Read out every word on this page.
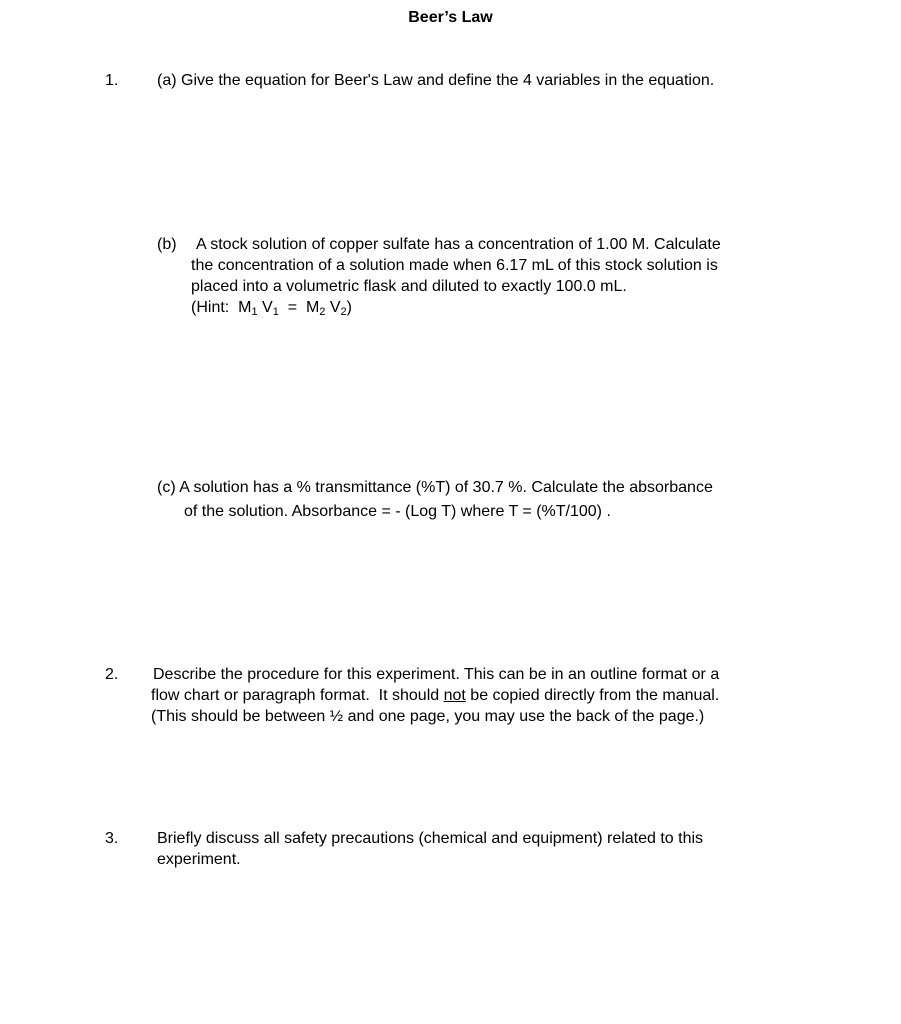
Beer’s Law
1. (a) Give the equation for Beer's Law and define the 4 variables in the equation.
(b) A stock solution of copper sulfate has a concentration of 1.00 M. Calculate
the concentration of a solution made when 6.17 mL of this stock solution is
placed into a volumetric flask and diluted to exactly 100.0 mL.
(Hint:  $M_1$ $V_1 = M_2$ $V_2$)
(c) A solution has a % transmittance (%T) of 30.7 %. Calculate the absorbance
of the solution. Absorbance = - (Log T) where T = (%T/100) .
2. Describe the procedure for this experiment. This can be in an outline format or a
flow chart or paragraph format.  It should not be copied directly from the manual.
(This should be between ½ and one page, you may use the back of the page.)
3. Briefly discuss all safety precautions (chemical and equipment) related to this
experiment.
